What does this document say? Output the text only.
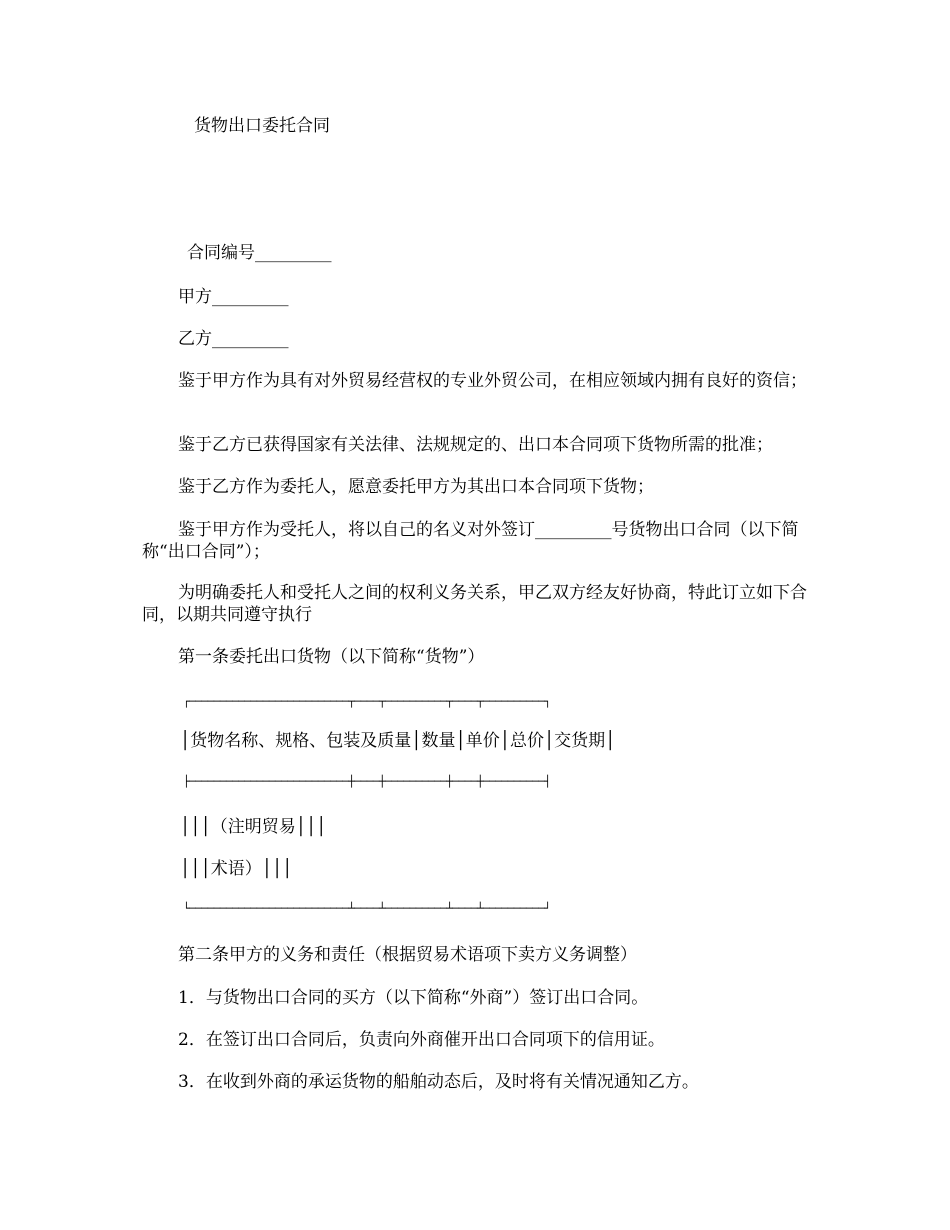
货物出口委托合同

合同编号_________

甲方_________

乙方_________

鉴于甲方作为具有对外贸易经营权的专业外贸公司，在相应领域内拥有良好的资信；

鉴于乙方已获得国家有关法律、法规规定的、出口本合同项下货物所需的批准；

鉴于乙方作为委托人，愿意委托甲方为其出口本合同项下货物；

鉴于甲方作为受托人，将以自己的名义对外签订_________号货物出口合同（以下简称“出口合同”）；

为明确委托人和受托人之间的权利义务关系，甲乙双方经友好协商，特此订立如下合同，以期共同遵守执行

第一条委托出口货物（以下简称“货物”）

┌──────────────────────────┬────┬──────────┬────┬──────────┐

│货物名称、规格、包装及质量│数量│单价│总价│交货期│

├──────────────────────────┼────┼──────────┼────┼──────────┤

│││（注明贸易│││

│││术语）│││

└──────────────────────────┴────┴──────────┴────┴──────────┘

第二条甲方的义务和责任（根据贸易术语项下卖方义务调整）

1．与货物出口合同的买方（以下简称“外商”）签订出口合同。

2．在签订出口合同后，负责向外商催开出口合同项下的信用证。

3．在收到外商的承运货物的船舶动态后，及时将有关情况通知乙方。
